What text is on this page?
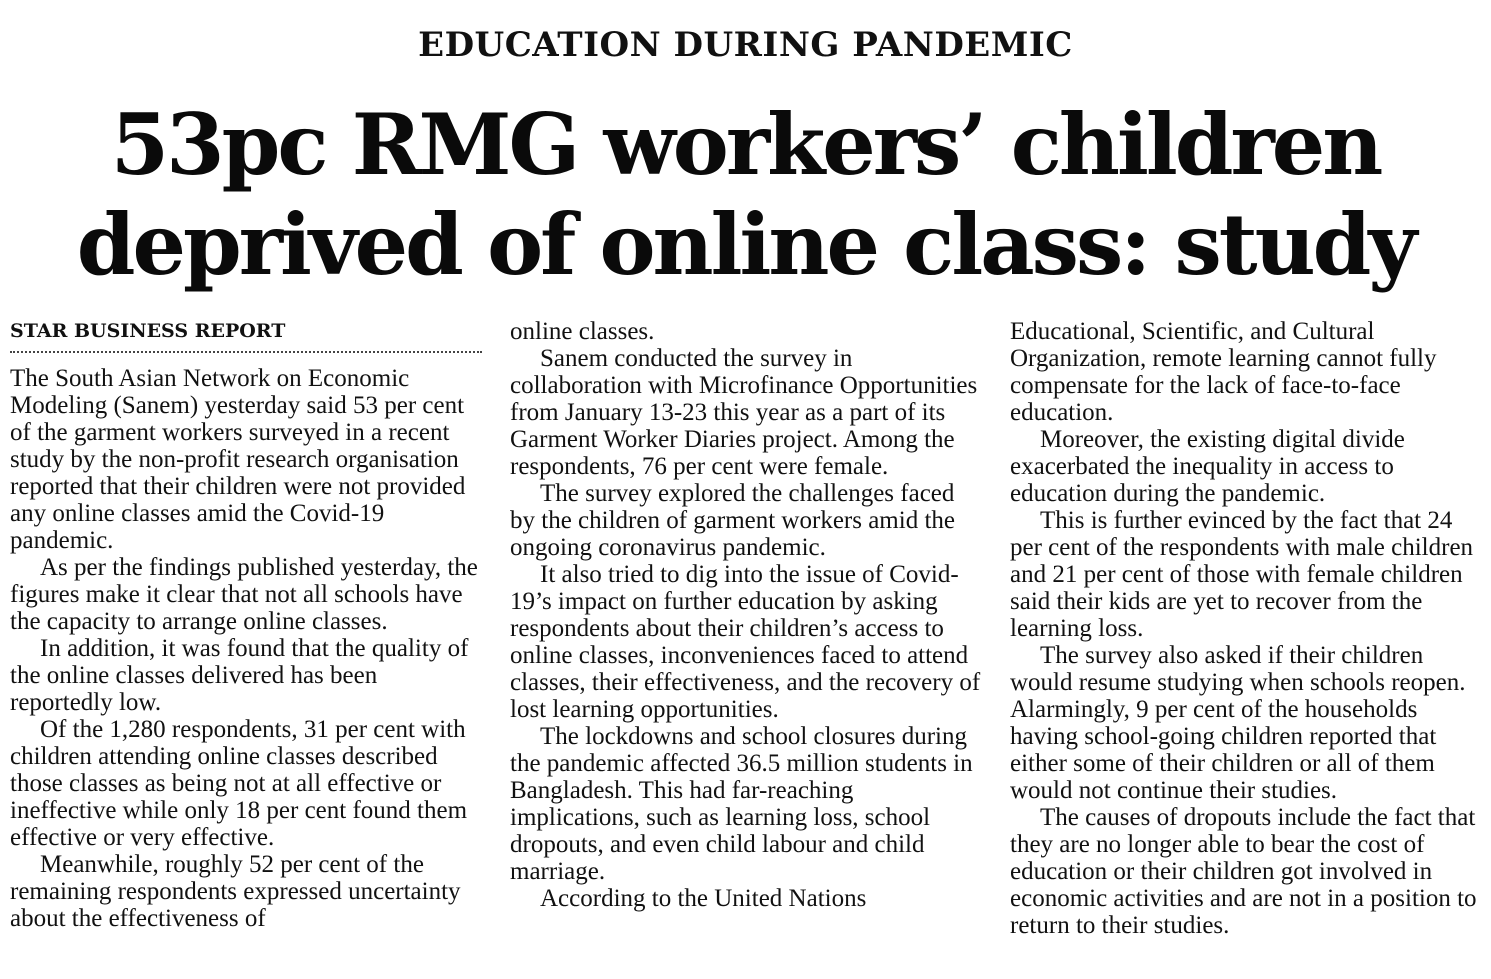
EDUCATION DURING PANDEMIC
53pc RMG workers’ children
deprived of online class: study
STAR BUSINESS REPORT

The South Asian Network on Economic Modeling (Sanem) yesterday said 53 per cent of the garment workers surveyed in a recent study by the non-profit research organisation reported that their children were not provided any online classes amid the Covid-19 pandemic.

As per the findings published yesterday, the figures make it clear that not all schools have the capacity to arrange online classes.

In addition, it was found that the quality of the online classes delivered has been reportedly low.

Of the 1,280 respondents, 31 per cent with children attending online classes described those classes as being not at all effective or ineffective while only 18 per cent found them effective or very effective.

Meanwhile, roughly 52 per cent of the remaining respondents expressed uncertainty about the effectiveness of

online classes.

Sanem conducted the survey in collaboration with Microfinance Opportunities from January 13-23 this year as a part of its Garment Worker Diaries project. Among the respondents, 76 per cent were female.

The survey explored the challenges faced by the children of garment workers amid the ongoing coronavirus pandemic.

It also tried to dig into the issue of Covid-19’s impact on further education by asking respondents about their children’s access to online classes, inconveniences faced to attend classes, their effectiveness, and the recovery of lost learning opportunities.

The lockdowns and school closures during the pandemic affected 36.5 million students in Bangladesh. This had far-reaching implications, such as learning loss, school dropouts, and even child labour and child marriage.

According to the United Nations

Educational, Scientific, and Cultural Organization, remote learning cannot fully compensate for the lack of face-to-face education.

Moreover, the existing digital divide exacerbated the inequality in access to education during the pandemic.

This is further evinced by the fact that 24 per cent of the respondents with male children and 21 per cent of those with female children said their kids are yet to recover from the learning loss.

The survey also asked if their children would resume studying when schools reopen. Alarmingly, 9 per cent of the households having school-going children reported that either some of their children or all of them would not continue their studies.

The causes of dropouts include the fact that they are no longer able to bear the cost of education or their children got involved in economic activities and are not in a position to return to their studies.
